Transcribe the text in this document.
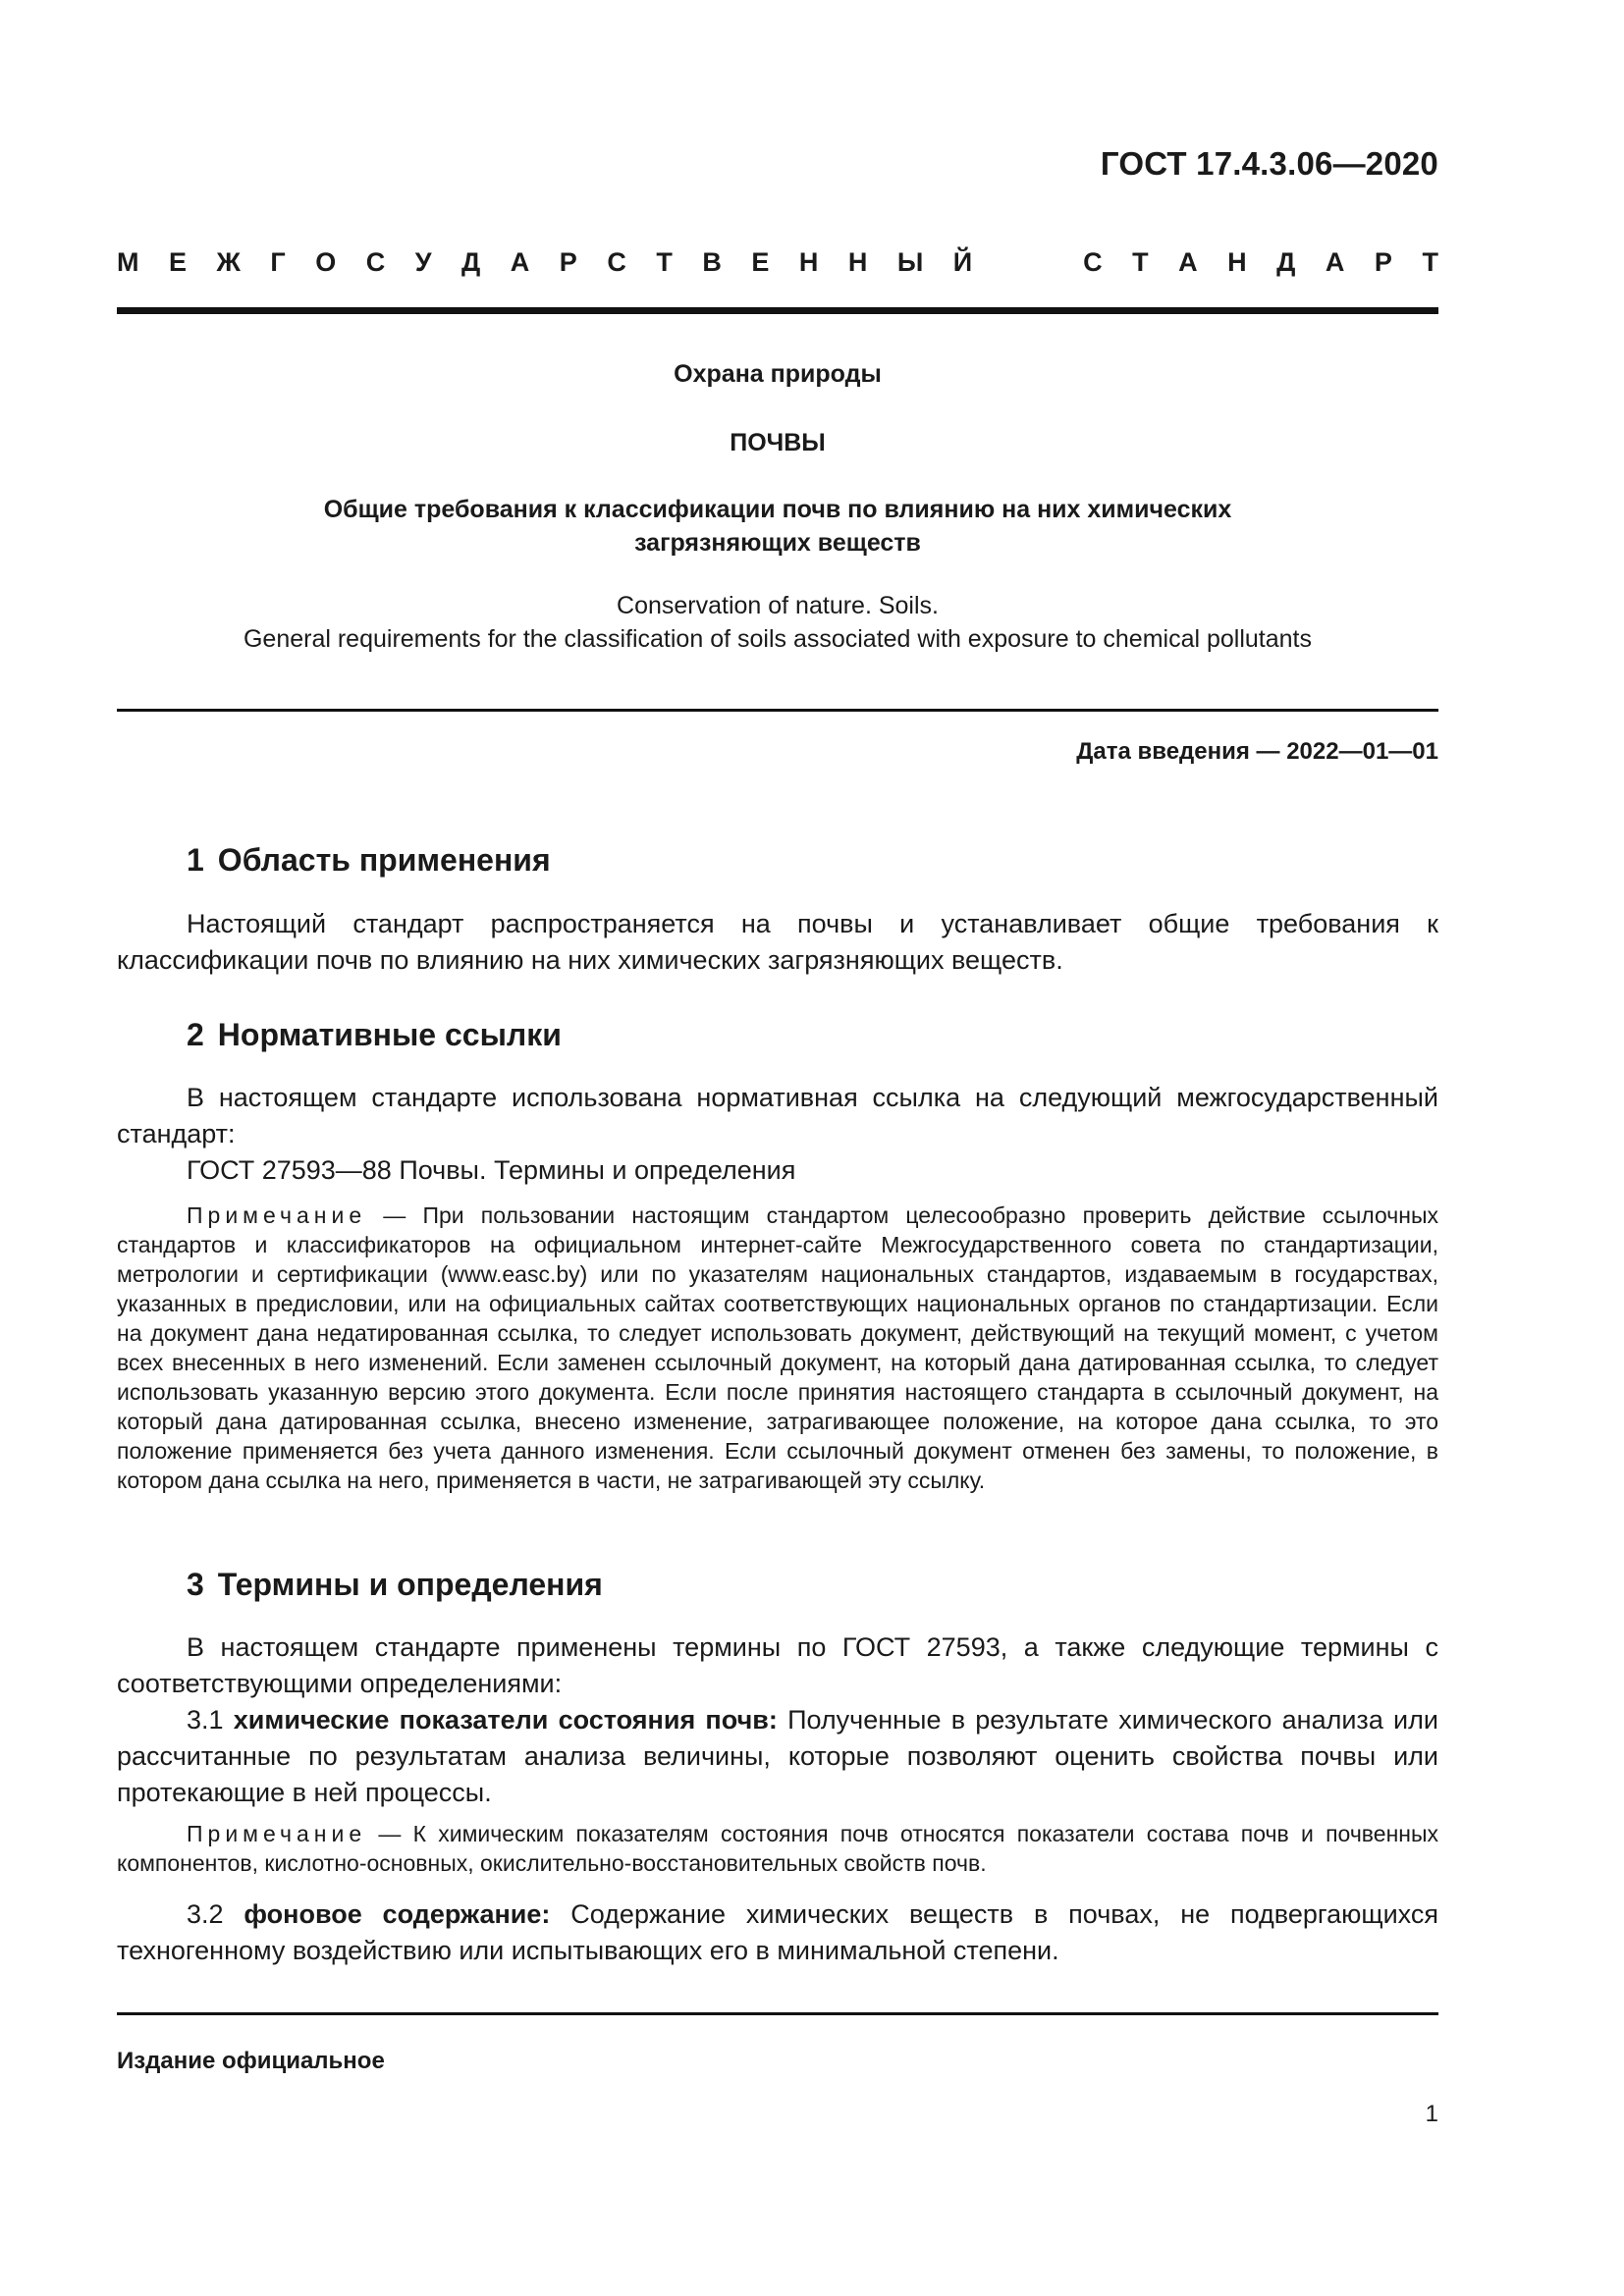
ГОСТ 17.4.3.06—2020
М Е Ж Г О С У Д А Р С Т В Е Н Н Ы Й	С Т А Н Д А Р Т
Охрана природы
ПОЧВЫ
Общие требования к классификации почв по влиянию на них химических
загрязняющих веществ
Conservation of nature. Soils.
General requirements for the classification of soils associated with exposure to chemical pollutants
Дата введения — 2022—01—01
1 Область применения

Настоящий стандарт распространяется на почвы и устанавливает общие требования к классификации почв по влиянию на них химических загрязняющих веществ.

2 Нормативные ссылки

В настоящем стандарте использована нормативная ссылка на следующий межгосударственный стандарт:

ГОСТ 27593—88 Почвы. Термины и определения

Примечание — При пользовании настоящим стандартом целесообразно проверить действие ссылочных стандартов и классификаторов на официальном интернет-сайте Межгосударственного совета по стандартизации, метрологии и сертификации (www.easc.by) или по указателям национальных стандартов, издаваемым в государствах, указанных в предисловии, или на официальных сайтах соответствующих национальных органов по стандартизации. Если на документ дана недатированная ссылка, то следует использовать документ, действующий на текущий момент, с учетом всех внесенных в него изменений. Если заменен ссылочный документ, на который дана датированная ссылка, то следует использовать указанную версию этого документа. Если после принятия настоящего стандарта в ссылочный документ, на который дана датированная ссылка, внесено изменение, затрагивающее положение, на которое дана ссылка, то это положение применяется без учета данного изменения. Если ссылочный документ отменен без замены, то положение, в котором дана ссылка на него, применяется в части, не затрагивающей эту ссылку.

3 Термины и определения

В настоящем стандарте применены термины по ГОСТ 27593, а также следующие термины с соответствующими определениями:

3.1 химические показатели состояния почв: Полученные в результате химического анализа или рассчитанные по результатам анализа величины, которые позволяют оценить свойства почвы или протекающие в ней процессы.

Примечание — К химическим показателям состояния почв относятся показатели состава почв и почвенных компонентов, кислотно-основных, окислительно-восстановительных свойств почв.

3.2 фоновое содержание: Содержание химических веществ в почвах, не подвергающихся техногенному воздействию или испытывающих его в минимальной степени.

Издание официальное
1
